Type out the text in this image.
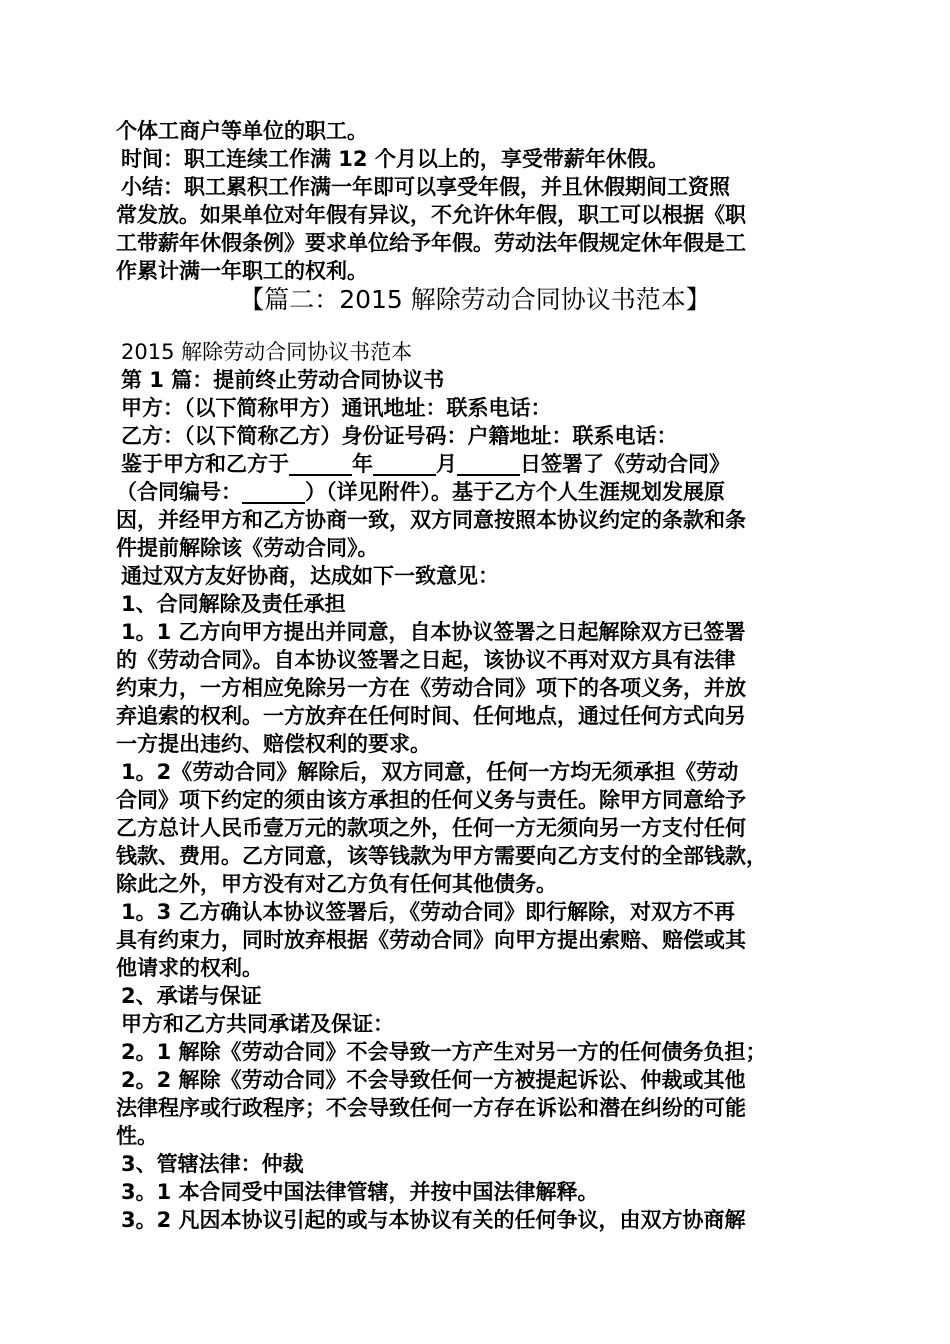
个体工商户等单位的职工。
时间：职工连续工作满 12 个月以上的，享受带薪年休假。
小结：职工累积工作满一年即可以享受年假，并且休假期间工资照
常发放。如果单位对年假有异议，不允许休年假，职工可以根据《职
工带薪年休假条例》要求单位给予年假。劳动法年假规定休年假是工
作累计满一年职工的权利。
【篇二：2015 解除劳动合同协议书范本】
2015 解除劳动合同协议书范本
第 1 篇：提前终止劳动合同协议书
甲方：（以下简称甲方）通讯地址：联系电话：
乙方：（以下简称乙方）身份证号码：户籍地址：联系电话：
鉴于甲方和乙方于______年______月______日签署了《劳动合同》
（合同编号：______）（详见附件）。基于乙方个人生涯规划发展原
因，并经甲方和乙方协商一致，双方同意按照本协议约定的条款和条
件提前解除该《劳动合同》。
通过双方友好协商，达成如下一致意见：
1、合同解除及责任承担
1。1 乙方向甲方提出并同意，自本协议签署之日起解除双方已签署
的《劳动合同》。自本协议签署之日起，该协议不再对双方具有法律
约束力，一方相应免除另一方在《劳动合同》项下的各项义务，并放
弃追索的权利。一方放弃在任何时间、任何地点，通过任何方式向另
一方提出违约、赔偿权利的要求。
1。2《劳动合同》解除后，双方同意，任何一方均无须承担《劳动
合同》项下约定的须由该方承担的任何义务与责任。除甲方同意给予
乙方总计人民币壹万元的款项之外，任何一方无须向另一方支付任何
钱款、费用。乙方同意，该等钱款为甲方需要向乙方支付的全部钱款，
除此之外，甲方没有对乙方负有任何其他债务。
1。3 乙方确认本协议签署后，《劳动合同》即行解除，对双方不再
具有约束力，同时放弃根据《劳动合同》向甲方提出索赔、赔偿或其
他请求的权利。
2、承诺与保证
甲方和乙方共同承诺及保证：
2。1 解除《劳动合同》不会导致一方产生对另一方的任何债务负担；
2。2 解除《劳动合同》不会导致任何一方被提起诉讼、仲裁或其他
法律程序或行政程序；不会导致任何一方存在诉讼和潜在纠纷的可能
性。
3、管辖法律：仲裁
3。1 本合同受中国法律管辖，并按中国法律解释。
3。2 凡因本协议引起的或与本协议有关的任何争议，由双方协商解
